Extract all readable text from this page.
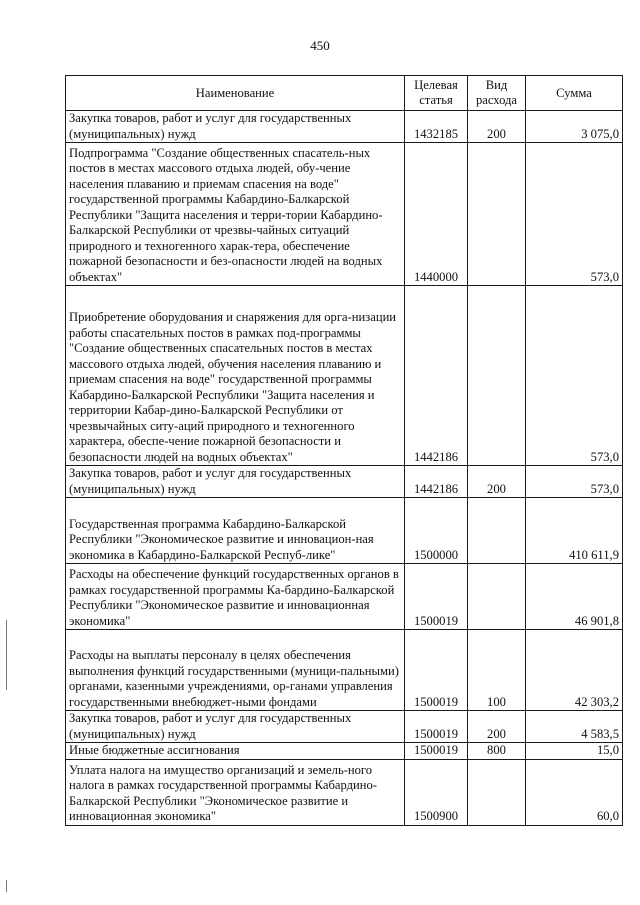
450
Наименование	Целевая статья	Вид расхода	Сумма
Закупка товаров, работ и услуг для государственных (муниципальных) нужд	1432185	200	3 075,0
Подпрограмма "Создание общественных спасатель-ных постов в местах массового отдыха людей, обу-чение населения плаванию и приемам спасения на воде" государственной программы Кабардино-Балкарской Республики "Защита населения и терри-тории Кабардино-Балкарской Республики от чрезвы-чайных ситуаций природного и техногенного харак-тера, обеспечение пожарной безопасности и без-опасности людей на водных объектах"	1440000		573,0
Приобретение оборудования и снаряжения для орга-низации работы спасательных постов в рамках под-программы "Создание общественных спасательных постов в местах массового отдыха людей, обучения населения плаванию и приемам спасения на воде" государственной программы Кабардино-Балкарской Республики "Защита населения и территории Кабар-дино-Балкарской Республики от чрезвычайных ситу-аций природного и техногенного характера, обеспе-чение пожарной безопасности и безопасности людей на водных объектах"	1442186		573,0
Закупка товаров, работ и услуг для государственных (муниципальных) нужд	1442186	200	573,0
Государственная программа Кабардино-Балкарской Республики "Экономическое развитие и инновацион-ная экономика в Кабардино-Балкарской Респуб-лике"	1500000		410 611,9
Расходы на обеспечение функций государственных органов в рамках государственной программы Ка-бардино-Балкарской Республики "Экономическое развитие и инновационная экономика"	1500019		46 901,8
Расходы на выплаты персоналу в целях обеспечения выполнения функций государственными (муници-пальными) органами, казенными учреждениями, ор-ганами управления государственными внебюджет-ными фондами	1500019	100	42 303,2
Закупка товаров, работ и услуг для государственных (муниципальных) нужд	1500019	200	4 583,5
Иные бюджетные ассигнования	1500019	800	15,0
Уплата налога на имущество организаций и земель-ного налога в рамках государственной программы Кабардино-Балкарской Республики "Экономическое развитие и инновационная экономика"	1500900		60,0
